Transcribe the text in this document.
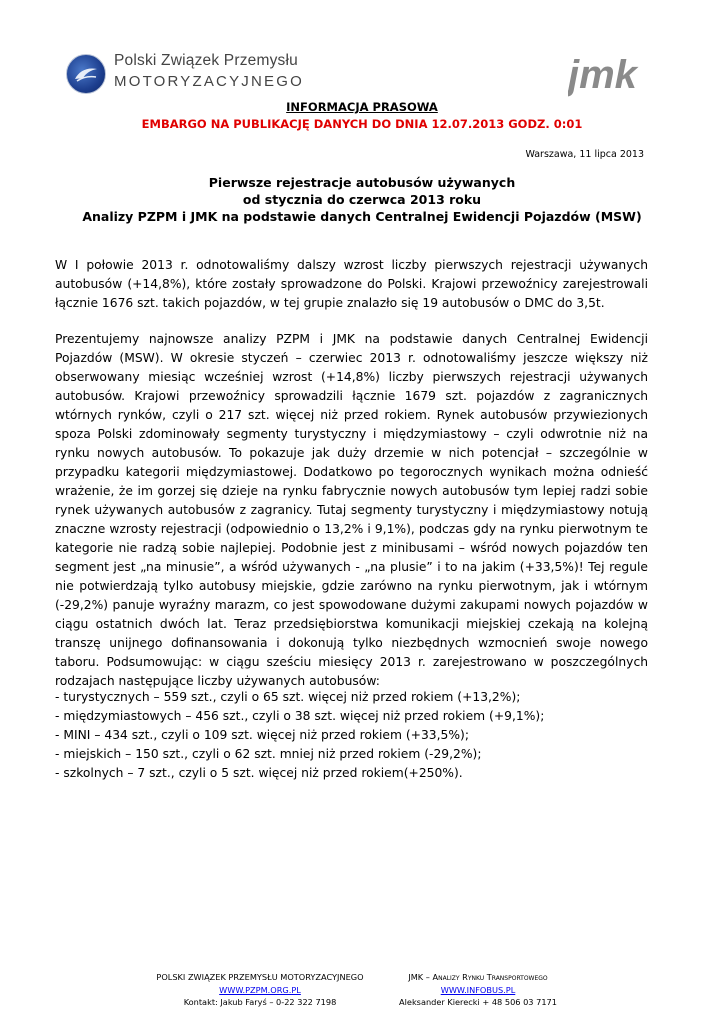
Polski Związek Przemysłu
MOTORYZACYJNEGO	jmk
INFORMACJA PRASOWA
EMBARGO NA PUBLIKACJĘ DANYCH DO DNIA 12.07.2013 GODZ. 0:01
Warszawa, 11 lipca 2013
Pierwsze rejestracje autobusów używanych
od stycznia do czerwca 2013 roku
Analizy PZPM i JMK na podstawie danych Centralnej Ewidencji Pojazdów (MSW)

W I połowie 2013 r. odnotowaliśmy dalszy wzrost liczby pierwszych rejestracji używanych autobusów (+14,8%), które zostały sprowadzone do Polski. Krajowi przewoźnicy zarejestrowali łącznie 1676 szt. takich pojazdów, w tej grupie znalazło się 19 autobusów o DMC do 3,5t.

Prezentujemy najnowsze analizy PZPM i JMK na podstawie danych Centralnej Ewidencji Pojazdów (MSW). W okresie styczeń – czerwiec 2013 r. odnotowaliśmy jeszcze większy niż obserwowany miesiąc wcześniej wzrost (+14,8%) liczby pierwszych rejestracji używanych autobusów. Krajowi przewoźnicy sprowadzili łącznie 1679 szt. pojazdów z zagranicznych wtórnych rynków, czyli o 217 szt. więcej niż przed rokiem. Rynek autobusów przywiezionych spoza Polski zdominowały segmenty turystyczny i międzymiastowy – czyli odwrotnie niż na rynku nowych autobusów. To pokazuje jak duży drzemie w nich potencjał – szczególnie w przypadku kategorii międzymiastowej. Dodatkowo po tegorocznych wynikach można odnieść wrażenie, że im gorzej się dzieje na rynku fabrycznie nowych autobusów tym lepiej radzi sobie rynek używanych autobusów z zagranicy. Tutaj segmenty turystyczny i międzymiastowy notują znaczne wzrosty rejestracji (odpowiednio o 13,2% i 9,1%), podczas gdy na rynku pierwotnym te kategorie nie radzą sobie najlepiej. Podobnie jest z minibusami – wśród nowych pojazdów ten segment jest „na minusie”, a wśród używanych - „na plusie” i to na jakim (+33,5%)! Tej regule nie potwierdzają tylko autobusy miejskie, gdzie zarówno na rynku pierwotnym, jak i wtórnym (-29,2%) panuje wyraźny marazm, co jest spowodowane dużymi zakupami nowych pojazdów w ciągu ostatnich dwóch lat. Teraz przedsiębiorstwa komunikacji miejskiej czekają na kolejną transzę unijnego dofinansowania i dokonują tylko niezbędnych wzmocnień swoje nowego taboru. Podsumowując: w ciągu sześciu miesięcy 2013 r. zarejestrowano w poszczególnych rodzajach następujące liczby używanych autobusów:

- turystycznych – 559 szt., czyli o 65 szt. więcej niż przed rokiem (+13,2%);
- międzymiastowych – 456 szt., czyli o 38 szt. więcej niż przed rokiem (+9,1%);
- MINI – 434 szt., czyli o 109 szt. więcej niż przed rokiem (+33,5%);
- miejskich – 150 szt., czyli o 62 szt. mniej niż przed rokiem (-29,2%);
- szkolnych – 7 szt., czyli o 5 szt. więcej niż przed rokiem(+250%).
POLSKI ZWIĄZEK PRZEMYSŁU MOTORYZACYJNEGO
WWW.PZPM.ORG.PL
Kontakt: Jakub Faryś – 0-22 322 7198
JMK – Analizy Rynku Transportowego
WWW.INFOBUS.PL
Aleksander Kierecki + 48 506 03 7171
